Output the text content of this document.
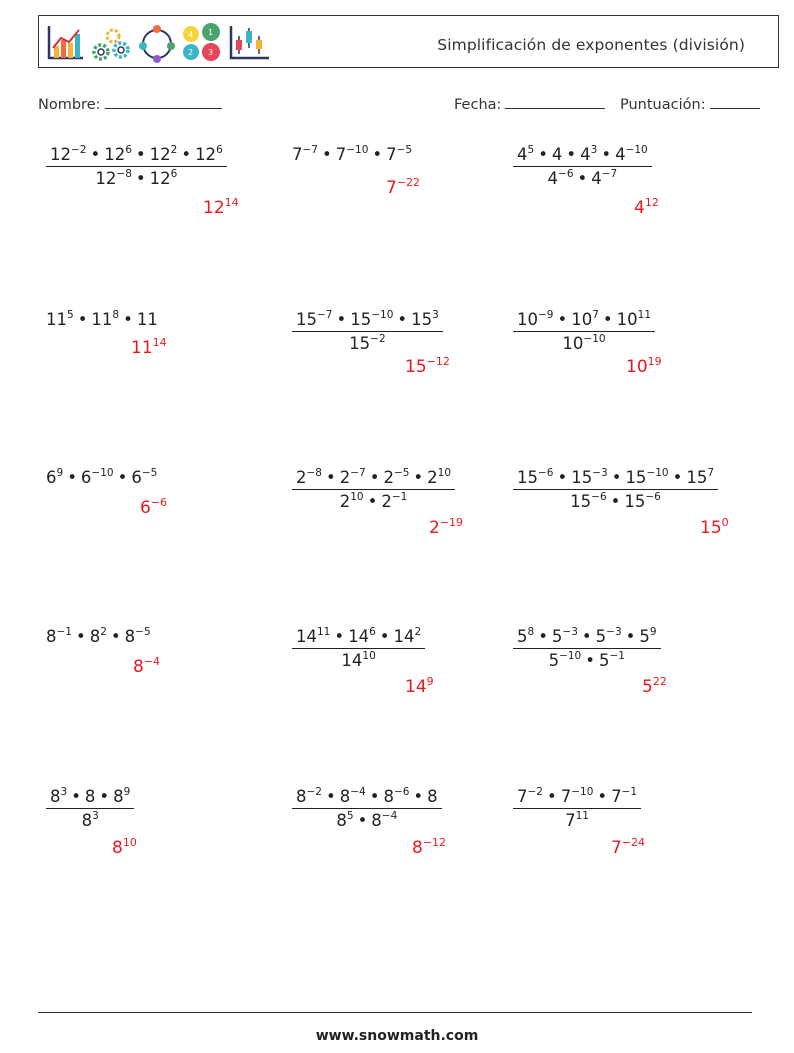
4 1
2 3	Simplificación de exponentes (división)
Nombre:	Fecha:	Puntuación:
$\frac{12^{-2} • 12^6 • 12^2 • 12^6}{12^{-8} • 12^6}$
$12^{14}$
$7^{-7}$ • $7^{-10}$ • $7^{-5}$
$7^{-22}$	$\frac{4^5 • 4 • 4^3 • 4^{-10}}{4^{-6} • 4^{-7}}$
$4^{12}$
$11^5$ • $11^8$ • 11
$11^{14}$	$\frac{15^{-7} • 15^{-10} • 15^3}{15^{-2}}$
$15^{-12}$
$\frac{10^{-9} • 10^7 • 10^{11}}{10^{-10}}$
$10^{19}$
$6^9$ • $6^{-10}$ • $6^{-5}$
$6^{-6}$	$\frac{2^{-8} • 2^{-7} • 2^{-5} • 2^{10}}{2^{10} • 2^{-1}}$
$2^{-19}$
$\frac{15^{-6} • 15^{-3} • 15^{-10} • 15^7}{15^{-6} • 15^{-6}}$
$15^0$
$8^{-1}$ • $8^2$ • $8^{-5}$
$8^{-4}$	$\frac{14^{11} • 14^6 • 14^2}{14^{10}}$
$14^9$
$\frac{5^8 • 5^{-3} • 5^{-3} • 5^9}{5^{-10} • 5^{-1}}$
$5^{22}$
$\frac{8^3 • 8 • 8^9}{8^3}$
$8^{10}$
$\frac{8^{-2} • 8^{-4} • 8^{-6} • 8}{8^5 • 8^{-4}}$
$8^{-12}$
$\frac{7^{-2} • 7^{-10} • 7^{-1}}{7^{11}}$
$7^{-24}$
www.snowmath.com
